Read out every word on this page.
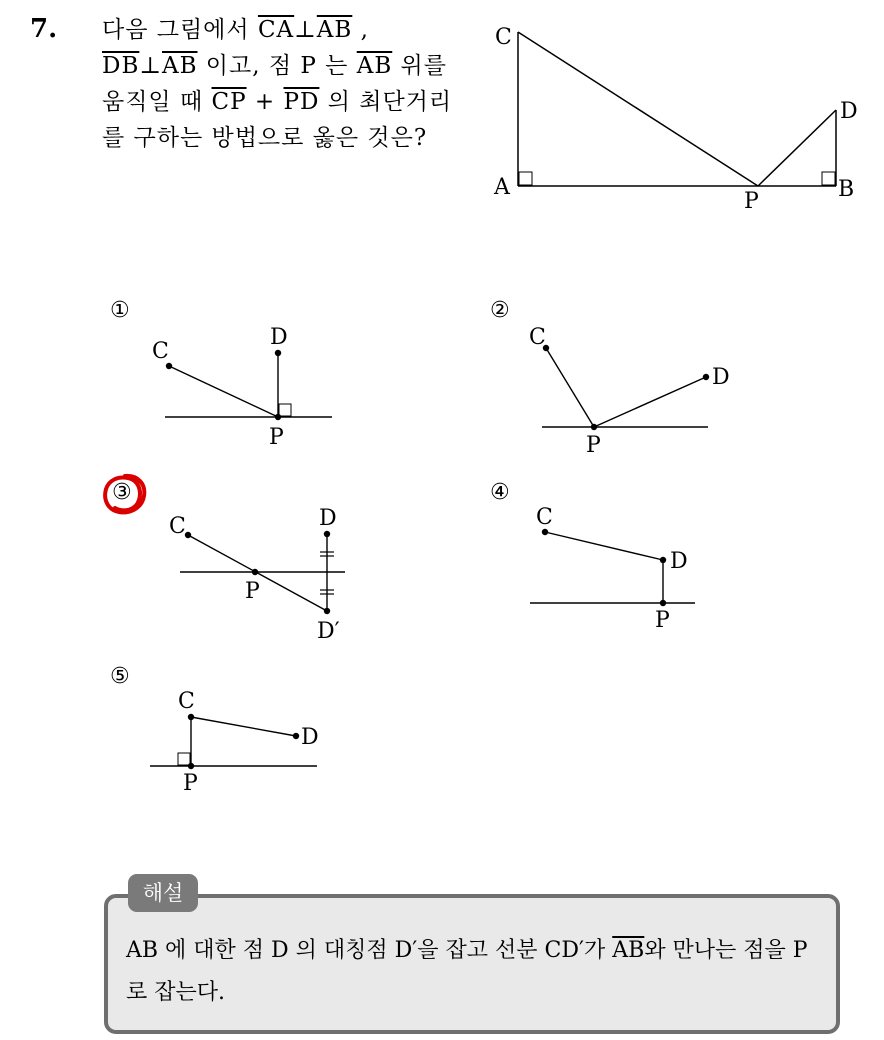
7. 다음 그림에서 $\overline{CA}\perp\overline{AB}$ , $\overline{DB}\perp\overline{AB}$ 이고, 점 P 는 $\overline{AB}$ 위를 움직일 때 $\overline{CP} + \overline{PD}$ 의 최단거리를 구하는 방법으로 옳은 것은?
C
A
P	B
D
①	②
③	④
⑤
C
D
P
C
D
P
C	D
P
D′
C
D
P
C
D
P
해설
AB 에 대한 점 D 의 대칭점 D′을 잡고 선분 CD′가 $\overline{AB}$와 만나는 점을 P 로 잡는다.
